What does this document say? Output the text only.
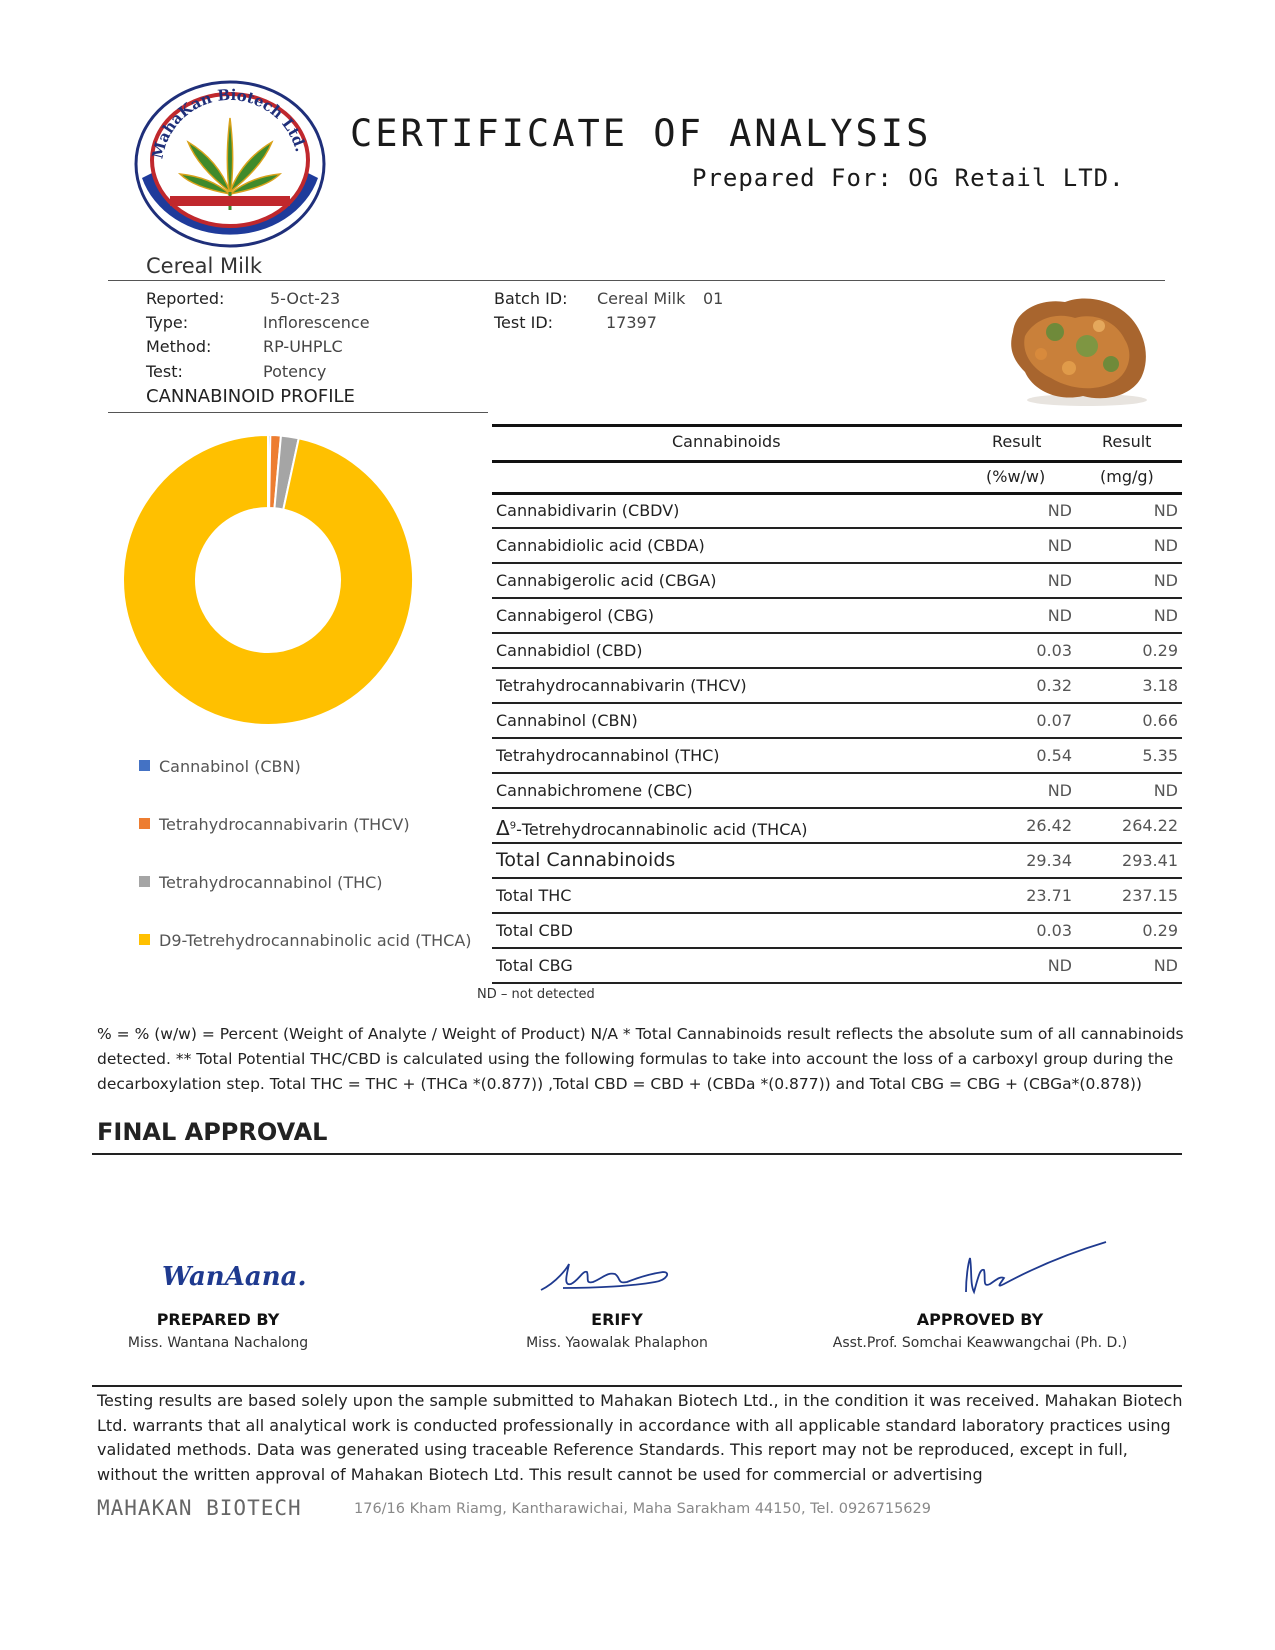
MahaKan Biotech Ltd. CERTIFICATE OF ANALYSIS
Prepared For: OG Retail LTD.
Cereal Milk
Reported:	5-Oct-23
Type:	Inflorescence
Method:	RP-UHPLC
Test:	Potency
Batch ID: Cereal Milk 01
Test ID:	17397
CANNABINOID PROFILE
Cannabinol (CBN)
Tetrahydrocannabivarin (THCV)
Tetrahydrocannabinol (THC)
D9-Tetrehydrocannabinolic acid (THCA)
Cannabinoids	Result	Result
(%w/w)	(mg/g)
Cannabidivarin (CBDV)	ND	ND
Cannabidiolic acid (CBDA)	ND	ND
Cannabigerolic acid (CBGA)	ND	ND
Cannabigerol (CBG)	ND	ND
Cannabidiol (CBD)	0.03	0.29
Tetrahydrocannabivarin (THCV)	0.32	3.18
Cannabinol (CBN)	0.07	0.66
Tetrahydrocannabinol (THC)	0.54	5.35
Cannabichromene (CBC)	ND	ND
$\Delta^9$-Tetrehydrocannabinolic acid (THCA)	26.42	264.22
Total Cannabinoids	29.34	293.41
Total THC	23.71	237.15
Total CBD	0.03	0.29
Total CBG	ND	ND
ND – not detected
% = % (w/w) = Percent (Weight of Analyte / Weight of Product) N/A * Total Cannabinoids result reflects the absolute sum of all cannabinoids detected. ** Total Potential THC/CBD is calculated using the following formulas to take into account the loss of a carboxyl group during the decarboxylation step. Total THC = THC + (THCa *(0.877)) ,Total CBD = CBD + (CBDa *(0.877)) and Total CBG = CBG + (CBGa*(0.878))
FINAL APPROVAL
WanAana.
PREPARED BY
Miss. Wantana Nachalong
ERIFY
Miss. Yaowalak Phalaphon
APPROVED BY
Asst.Prof. Somchai Keawwangchai (Ph. D.)
Testing results are based solely upon the sample submitted to Mahakan Biotech Ltd., in the condition it was received. Mahakan Biotech Ltd. warrants that all analytical work is conducted professionally in accordance with all applicable standard laboratory practices using validated methods. Data was generated using traceable Reference Standards. This report may not be reproduced, except in full, without the written approval of Mahakan Biotech Ltd. This result cannot be used for commercial or advertising
MAHAKAN BIOTECH	176/16 Kham Riamg, Kantharawichai, Maha Sarakham 44150, Tel. 0926715629
